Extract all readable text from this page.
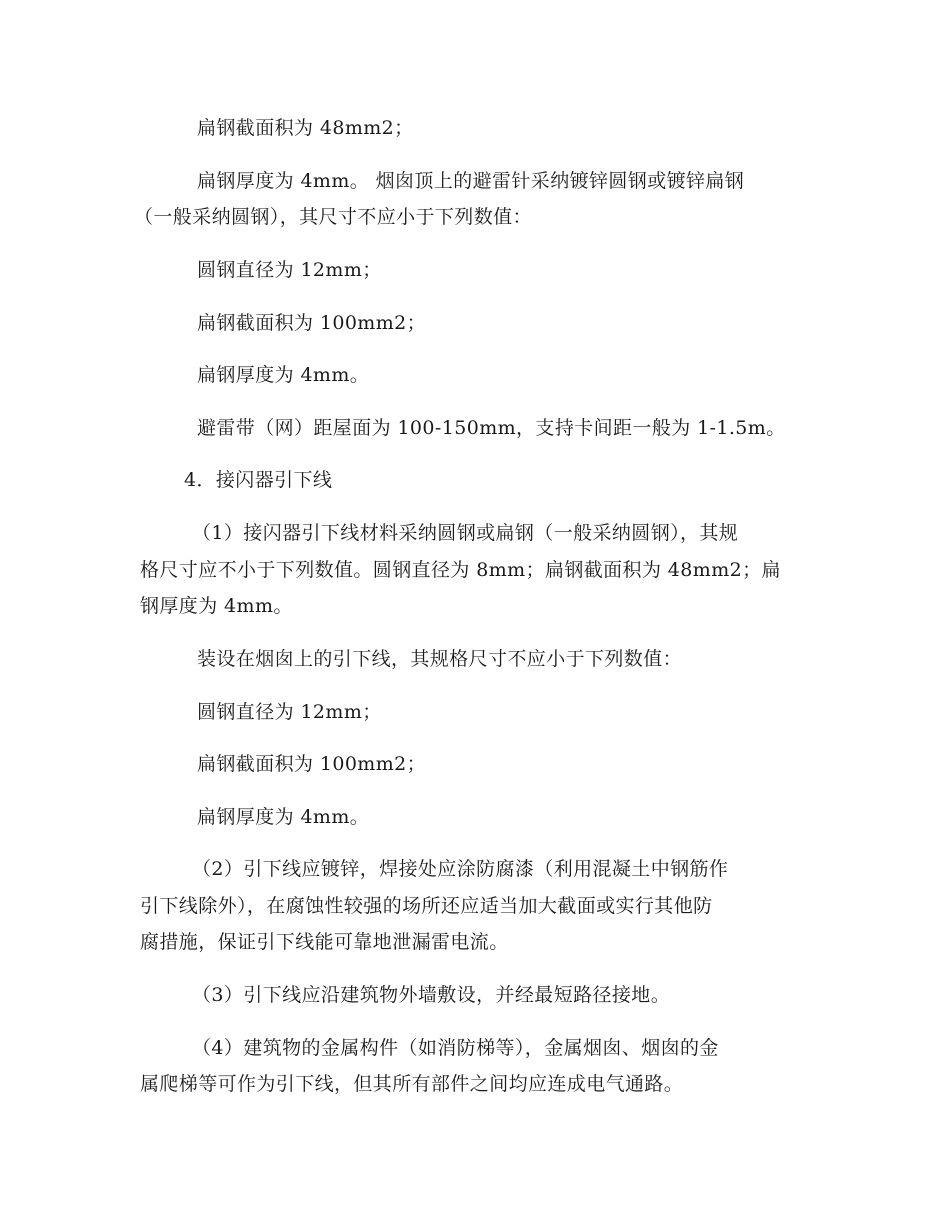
扁钢截面积为 48mm2；
扁钢厚度为 4mm。 烟囱顶上的避雷针采纳镀锌圆钢或镀锌扁钢
（一般采纳圆钢），其尺寸不应小于下列数值：
圆钢直径为 12mm；
扁钢截面积为 100mm2；
扁钢厚度为 4mm。
避雷带（网）距屋面为 100-150mm，支持卡间距一般为 1-1.5m。
4．接闪器引下线
（1）接闪器引下线材料采纳圆钢或扁钢（一般采纳圆钢），其规
格尺寸应不小于下列数值。圆钢直径为 8mm；扁钢截面积为 48mm2；扁
钢厚度为 4mm。
装设在烟囱上的引下线，其规格尺寸不应小于下列数值：
圆钢直径为 12mm；
扁钢截面积为 100mm2；
扁钢厚度为 4mm。
（2）引下线应镀锌，焊接处应涂防腐漆（利用混凝土中钢筋作
引下线除外），在腐蚀性较强的场所还应适当加大截面或实行其他防
腐措施，保证引下线能可靠地泄漏雷电流。
（3）引下线应沿建筑物外墙敷设，并经最短路径接地。
（4）建筑物的金属构件（如消防梯等），金属烟囱、烟囱的金
属爬梯等可作为引下线，但其所有部件之间均应连成电气通路。
